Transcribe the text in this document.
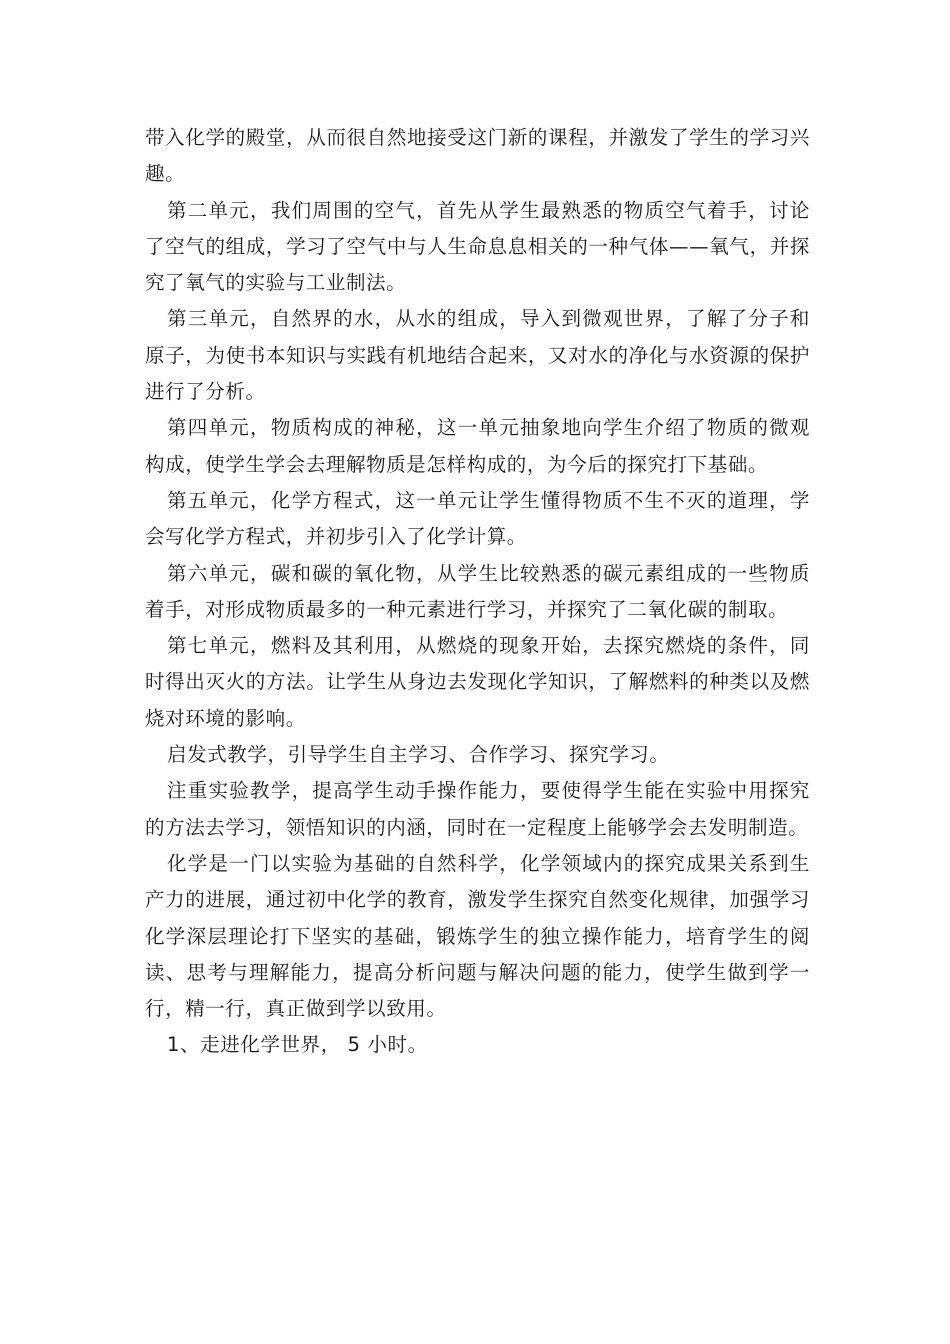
带入化学的殿堂，从而很自然地接受这门新的课程，并激发了学生的学习兴趣。

第二单元，我们周围的空气，首先从学生最熟悉的物质空气着手，讨论了空气的组成，学习了空气中与人生命息息相关的一种气体——氧气，并探究了氧气的实验与工业制法。

第三单元，自然界的水，从水的组成，导入到微观世界，了解了分子和原子，为使书本知识与实践有机地结合起来，又对水的净化与水资源的保护进行了分析。

第四单元，物质构成的神秘，这一单元抽象地向学生介绍了物质的微观构成，使学生学会去理解物质是怎样构成的，为今后的探究打下基础。

第五单元，化学方程式，这一单元让学生懂得物质不生不灭的道理，学会写化学方程式，并初步引入了化学计算。

第六单元，碳和碳的氧化物，从学生比较熟悉的碳元素组成的一些物质着手，对形成物质最多的一种元素进行学习，并探究了二氧化碳的制取。

第七单元，燃料及其利用，从燃烧的现象开始，去探究燃烧的条件，同时得出灭火的方法。让学生从身边去发现化学知识，了解燃料的种类以及燃烧对环境的影响。

启发式教学，引导学生自主学习、合作学习、探究学习。

注重实验教学，提高学生动手操作能力，要使得学生能在实验中用探究的方法去学习，领悟知识的内涵，同时在一定程度上能够学会去发明制造。

化学是一门以实验为基础的自然科学，化学领域内的探究成果关系到生产力的进展，通过初中化学的教育，激发学生探究自然变化规律，加强学习化学深层理论打下坚实的基础，锻炼学生的独立操作能力，培育学生的阅读、思考与理解能力，提高分析问题与解决问题的能力，使学生做到学一行，精一行，真正做到学以致用。

1、走进化学世界， 5 小时。
